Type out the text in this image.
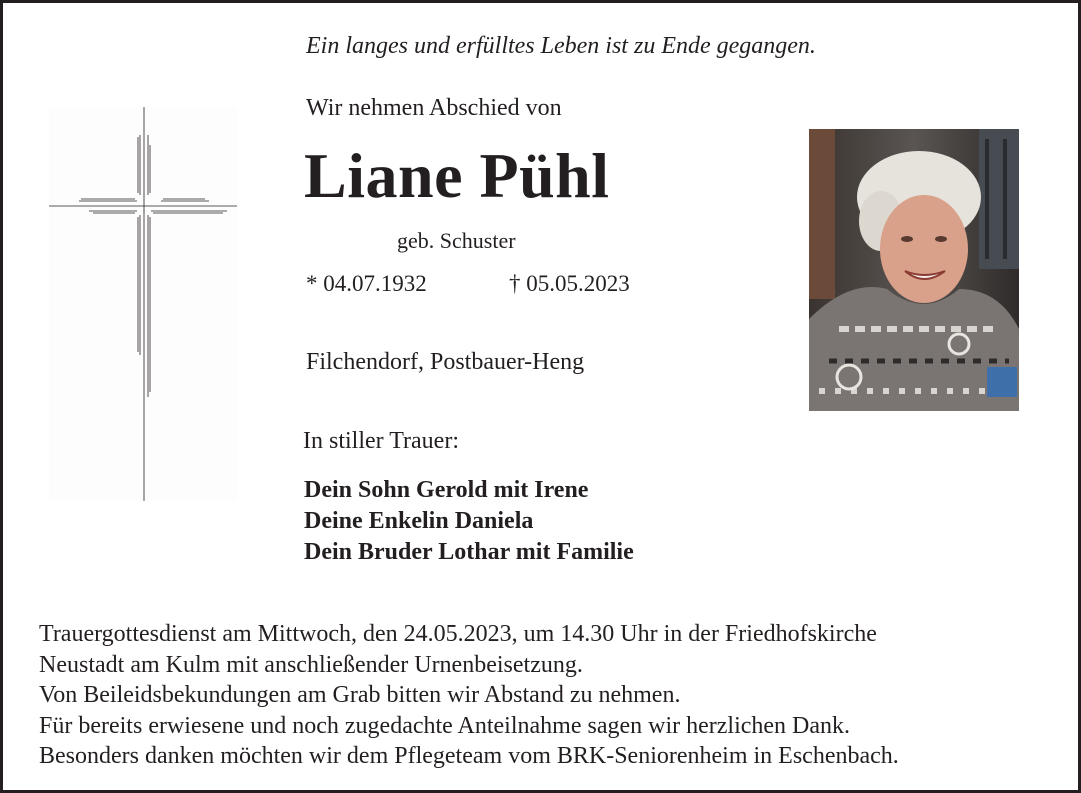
Ein langes und erfülltes Leben ist zu Ende gegangen.
Wir nehmen Abschied von
Liane Pühl
geb. Schuster
* 04.07.1932	† 05.05.2023
Filchendorf, Postbauer-Heng
In stiller Trauer:
Dein Sohn Gerold mit Irene
Deine Enkelin Daniela
Dein Bruder Lothar mit Familie
Trauergottesdienst am Mittwoch, den 24.05.2023, um 14.30 Uhr in der Friedhofskirche
Neustadt am Kulm mit anschließender Urnenbeisetzung.
Von Beileidsbekundungen am Grab bitten wir Abstand zu nehmen.
Für bereits erwiesene und noch zugedachte Anteilnahme sagen wir herzlichen Dank.
Besonders danken möchten wir dem Pflegeteam vom BRK-Seniorenheim in Eschenbach.
